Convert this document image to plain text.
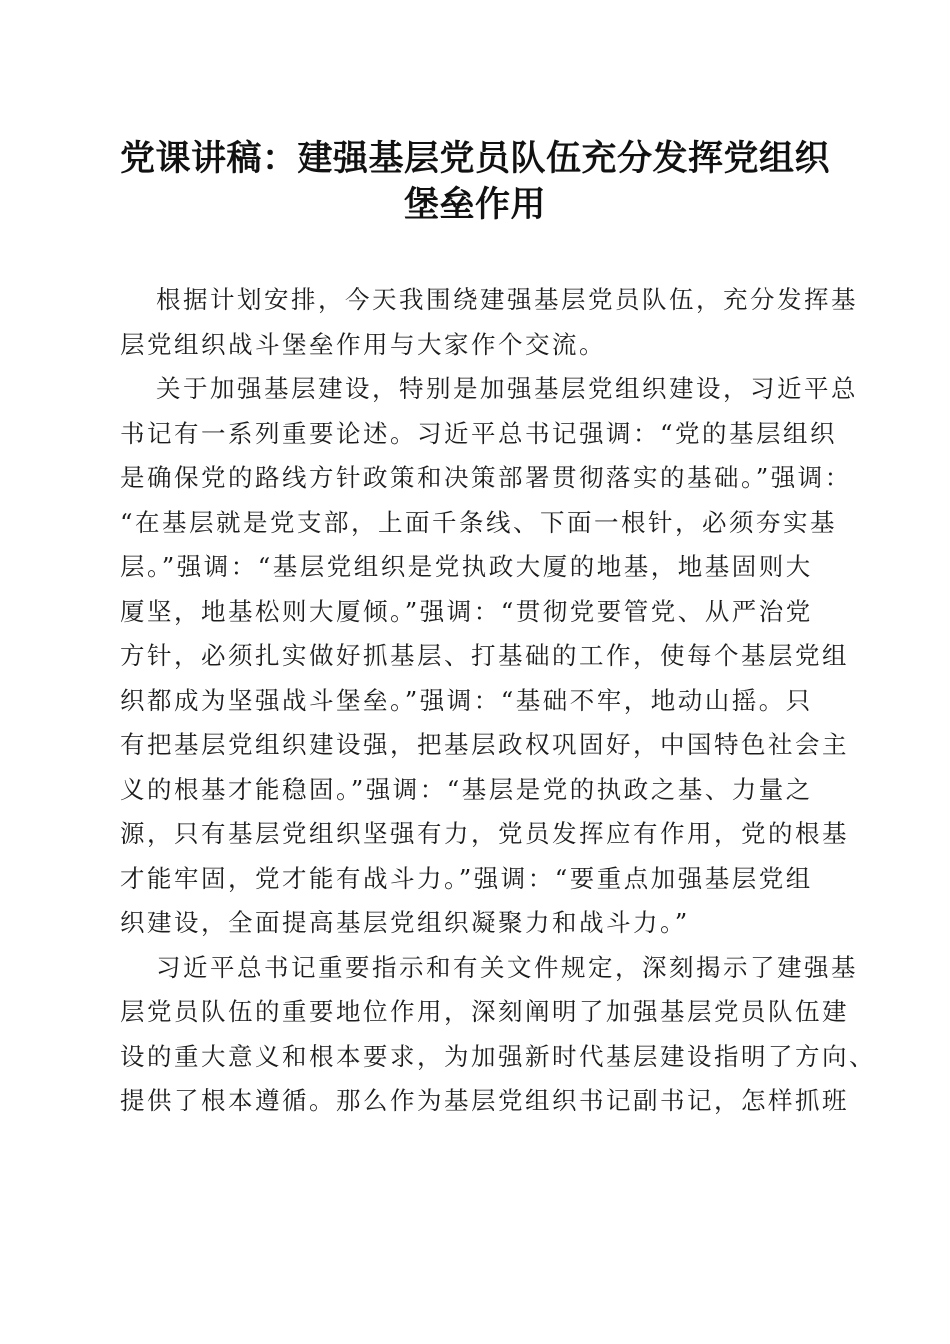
党课讲稿：建强基层党员队伍充分发挥党组织
堡垒作用

根据计划安排，今天我围绕建强基层党员队伍，充分发挥基
层党组织战斗堡垒作用与大家作个交流。

关于加强基层建设，特别是加强基层党组织建设，习近平总
书记有一系列重要论述。习近平总书记强调：“党的基层组织
是确保党的路线方针政策和决策部署贯彻落实的基础。”强调：
“在基层就是党支部，上面千条线、下面一根针，必须夯实基
层。”强调：“基层党组织是党执政大厦的地基，地基固则大
厦坚，地基松则大厦倾。”强调：“贯彻党要管党、从严治党
方针，必须扎实做好抓基层、打基础的工作，使每个基层党组
织都成为坚强战斗堡垒。”强调：“基础不牢，地动山摇。只
有把基层党组织建设强，把基层政权巩固好，中国特色社会主
义的根基才能稳固。”强调：“基层是党的执政之基、力量之
源，只有基层党组织坚强有力，党员发挥应有作用，党的根基
才能牢固，党才能有战斗力。”强调：“要重点加强基层党组
织建设，全面提高基层党组织凝聚力和战斗力。”

习近平总书记重要指示和有关文件规定，深刻揭示了建强基
层党员队伍的重要地位作用，深刻阐明了加强基层党员队伍建
设的重大意义和根本要求，为加强新时代基层建设指明了方向、
提供了根本遵循。那么作为基层党组织书记副书记，怎样抓班
